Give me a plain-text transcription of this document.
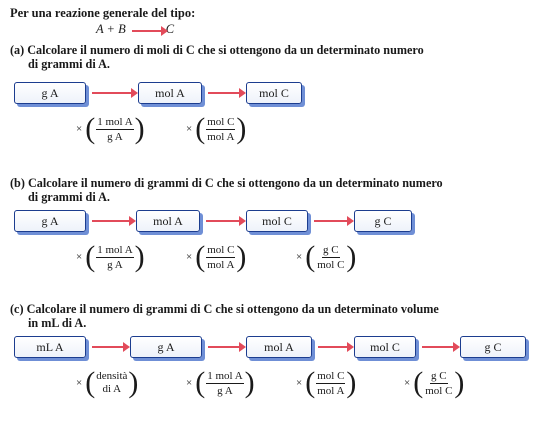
Per una reazione generale del tipo:
A + B → C
(a) Calcolare il numero di moli di C che si ottengono da un determinato numero
di grammi di A.
g A	mol A	mol C
× ( $\frac{\text{1 mol A}}{\text{g A}}$ )	× ( $\frac{\text{mol C}}{\text{mol A}}$ )
(b) Calcolare il numero di grammi di C che si ottengono da un determinato numero
di grammi di A.
g A	mol A	mol C	g C
× ( $\frac{\text{1 mol A}}{\text{g A}}$ )	× ( $\frac{\text{mol C}}{\text{mol A}}$ )	× ( $\frac{\text{g C}}{\text{mol C}}$ )
(c) Calcolare il numero di grammi di C che si ottengono da un determinato volume
in mL di A.
mL A	g A	mol A	mol C	g C
× ( densità
di A )	× ( $\frac{\text{1 mol A}}{\text{g A}}$ )	× ( $\frac{\text{mol C}}{\text{mol A}}$ )	× ( $\frac{\text{g C}}{\text{mol C}}$ )
